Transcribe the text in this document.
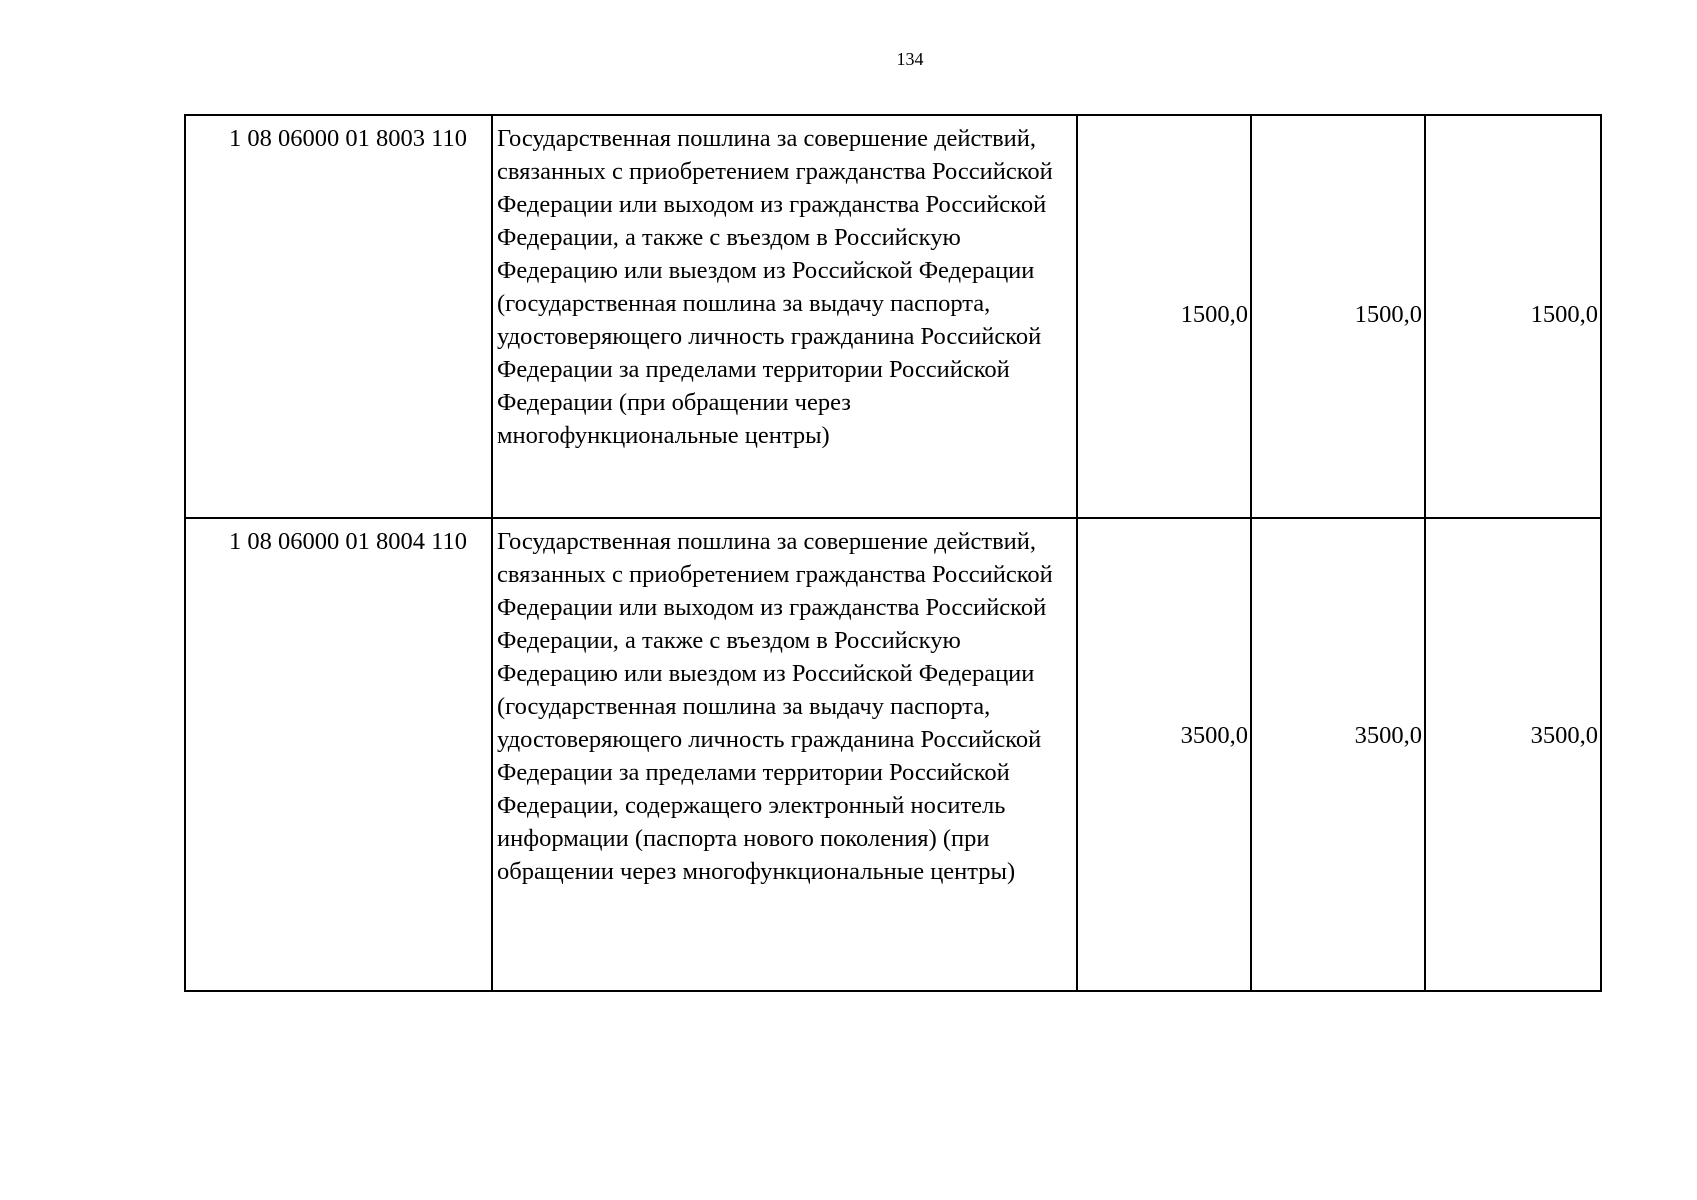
134
1 08 06000 01 8003 110	Государственная пошлина за совершение действий, связанных с приобретением гражданства Российской Федерации или выходом из гражданства Российской Федерации, а также с въездом в Российскую Федерацию или выездом из Российской Федерации (государственная пошлина за выдачу паспорта, удостоверяющего личность гражданина Российской Федерации за пределами территории Российской Федерации (при обращении через многофункциональные центры)	1500,0	1500,0	1500,0
1 08 06000 01 8004 110	Государственная пошлина за совершение действий, связанных с приобретением гражданства Российской Федерации или выходом из гражданства Российской Федерации, а также с въездом в Российскую Федерацию или выездом из Российской Федерации (государственная пошлина за выдачу паспорта, удостоверяющего личность гражданина Российской Федерации за пределами территории Российской Федерации, содержащего электронный носитель информации (паспорта нового поколения) (при обращении через многофункциональные центры)	3500,0	3500,0	3500,0
